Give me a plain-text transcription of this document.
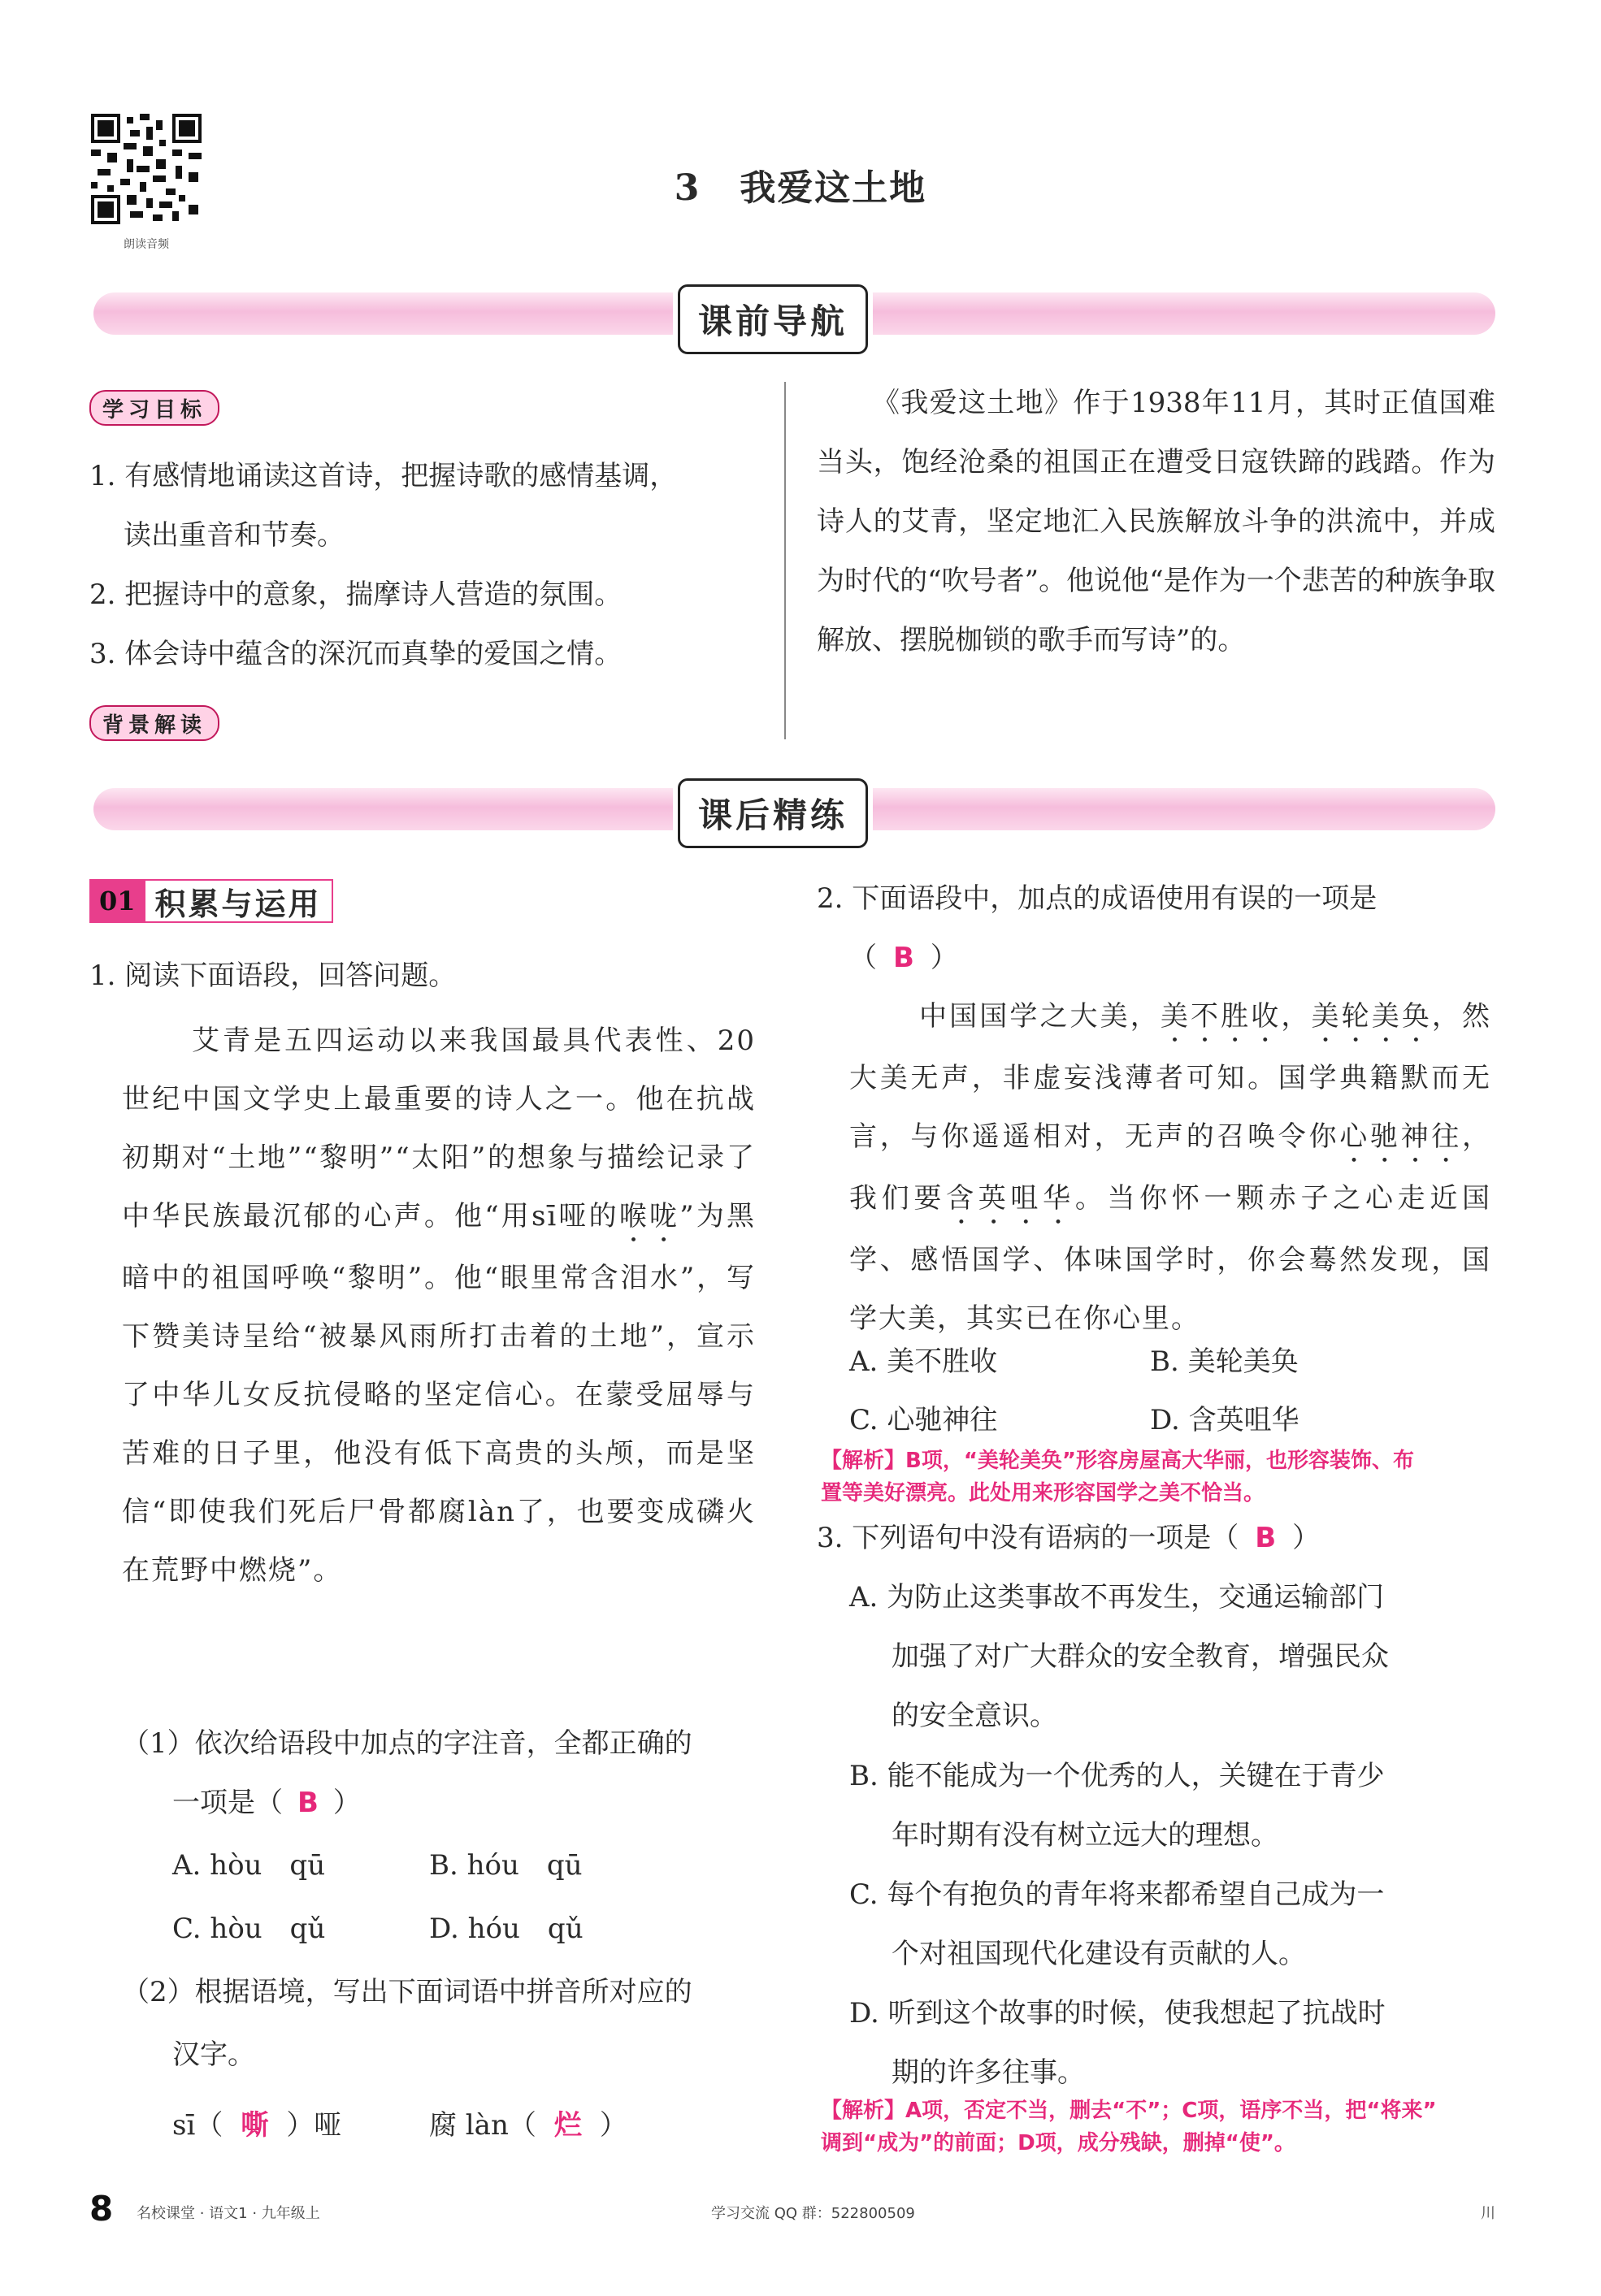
朗读音频
3 我爱这土地
课前导航
学习目标
背景解读
1. 有感情地诵读这首诗，把握诗歌的感情基调，
读出重音和节奏。
2. 把握诗中的意象，揣摩诗人营造的氛围。
3. 体会诗中蕴含的深沉而真挚的爱国之情。
《我爱这土地》作于1938年11月，其时正值国难当头，饱经沧桑的祖国正在遭受日寇铁蹄的践踏。作为诗人的艾青，坚定地汇入民族解放斗争的洪流中，并成为时代的“吹号者”。他说他“是作为一个悲苦的种族争取解放、摆脱枷锁的歌手而写诗”的。
课后精练
01 积累与运用
1. 阅读下面语段，回答问题。
艾青是五四运动以来我国最具代表性、20世纪中国文学史上最重要的诗人之一。他在抗战初期对“土地”“黎明”“太阳”的想象与描绘记录了中华民族最沉郁的心声。他“用sī哑的喉咙”为黑暗中的祖国呼唤“黎明”。他“眼里常含泪水”，写下赞美诗呈给“被暴风雨所打击着的土地”，宣示了中华儿女反抗侵略的坚定信心。在蒙受屈辱与苦难的日子里，他没有低下高贵的头颅，而是坚信“即使我们死后尸骨都腐làn了，也要变成磷火在荒野中燃烧”。
（1）依次给语段中加点的字注音，全都正确的
一项是（ B ）
A. hòu　qū	B. hóu　qū
C. hòu　qǔ	D. hóu　qǔ
（2）根据语境，写出下面词语中拼音所对应的
汉字。
sī（ 嘶 ）哑	腐 làn（ 烂 ）
2. 下面语段中，加点的成语使用有误的一项是
（ B ）
中国国学之大美，美不胜收，美轮美奂，然大美无声，非虚妄浅薄者可知。国学典籍默而无言，与你遥遥相对，无声的召唤令你心驰神往，我们要含英咀华。当你怀一颗赤子之心走近国学、感悟国学、体味国学时，你会蓦然发现，国学大美，其实已在你心里。
A. 美不胜收	B. 美轮美奂
C. 心驰神往	D. 含英咀华
【解析】B项，“美轮美奂”形容房屋高大华丽，也形容装饰、布
置等美好漂亮。此处用来形容国学之美不恰当。
3. 下列语句中没有语病的一项是（ B ）
A. 为防止这类事故不再发生，交通运输部门
加强了对广大群众的安全教育，增强民众
的安全意识。
B. 能不能成为一个优秀的人，关键在于青少
年时期有没有树立远大的理想。
C. 每个有抱负的青年将来都希望自己成为一
个对祖国现代化建设有贡献的人。
D. 听到这个故事的时候，使我想起了抗战时
期的许多往事。
【解析】A项，否定不当，删去“不”；C项，语序不当，把“将来”
调到“成为”的前面；D项，成分残缺，删掉“使”。
8 名校课堂 · 语文1 · 九年级上	学习交流 QQ 群：522800509	川
